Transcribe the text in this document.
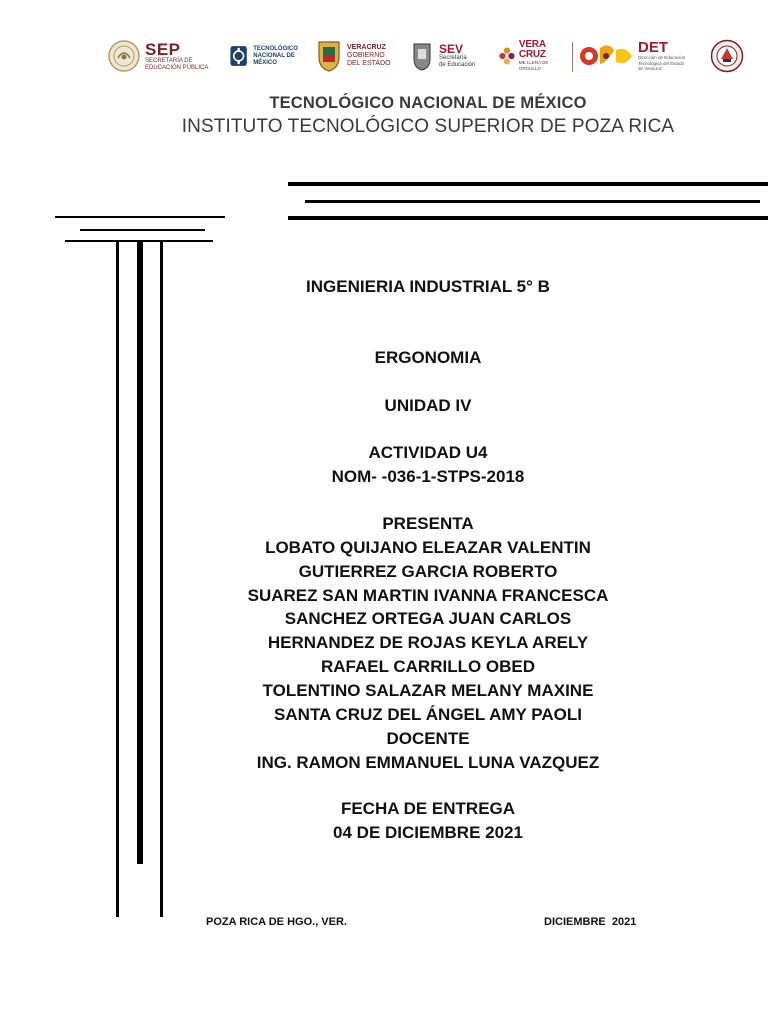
SEP
SECRETARÍA DE
EDUCACIÓN PÚBLICA
TECNOLÓGICO
NACIONAL DE MÉXICO
VERACRUZ
GOBIERNO
DEL ESTADO
SEV
Secretaría
de Educación
VERA
CRUZ
ME LLENA DE ORGULLO
DET
Dirección de Educación
Tecnológica del Estado
de Veracruz
TECNOLÓGICO NACIONAL DE MÉXICO
INSTITUTO TECNOLÓGICO SUPERIOR DE POZA RICA
INGENIERIA INDUSTRIAL 5° B
ERGONOMIA
UNIDAD IV
ACTIVIDAD U4
NOM- -036-1-STPS-2018
PRESENTA
LOBATO QUIJANO ELEAZAR VALENTIN
GUTIERREZ GARCIA ROBERTO
SUAREZ SAN MARTIN IVANNA FRANCESCA
SANCHEZ ORTEGA JUAN CARLOS
HERNANDEZ DE ROJAS KEYLA ARELY
RAFAEL CARRILLO OBED
TOLENTINO SALAZAR MELANY MAXINE
SANTA CRUZ DEL ÁNGEL AMY PAOLI
DOCENTE
ING. RAMON EMMANUEL LUNA VAZQUEZ
FECHA DE ENTREGA
04 DE DICIEMBRE 2021
POZA RICA DE HGO., VER.	DICIEMBRE  2021
